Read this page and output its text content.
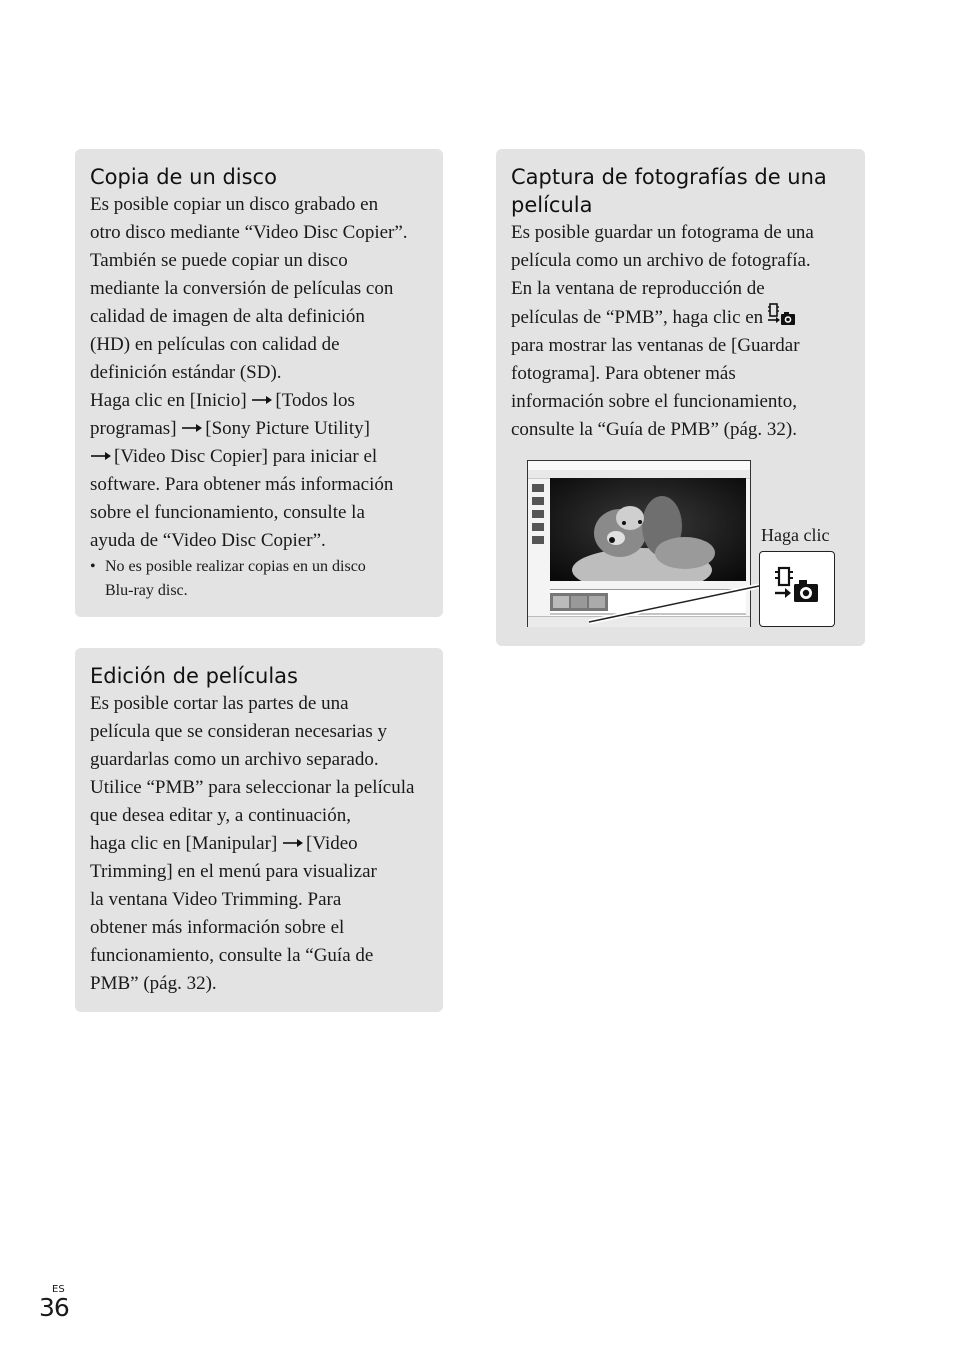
Copia de un disco

Es posible copiar un disco grabado en
otro disco mediante “Video Disc Copier”.
También se puede copiar un disco
mediante la conversión de películas con
calidad de imagen de alta definición
(HD) en películas con calidad de
definición estándar (SD).
Haga clic en [Inicio] [Todos los
programas] [Sony Picture Utility]
[Video Disc Copier] para iniciar el
software. Para obtener más información
sobre el funcionamiento, consulte la
ayuda de “Video Disc Copier”.

• No es posible realizar copias en un disco
Blu-ray disc.
Edición de películas

Es posible cortar las partes de una
película que se consideran necesarias y
guardarlas como un archivo separado.
Utilice “PMB” para seleccionar la película
que desea editar y, a continuación,
haga clic en [Manipular] [Video
Trimming] en el menú para visualizar
la ventana Video Trimming. Para
obtener más información sobre el
funcionamiento, consulte la “Guía de
PMB” (pág. 32).

Captura de fotografías de una
película

Es posible guardar un fotograma de una
película como un archivo de fotografía.
En la ventana de reproducción de
películas de “PMB”, haga clic en
para mostrar las ventanas de [Guardar
fotograma]. Para obtener más
información sobre el funcionamiento,
consulte la “Guía de PMB” (pág. 32).

Haga clic
ES
36
